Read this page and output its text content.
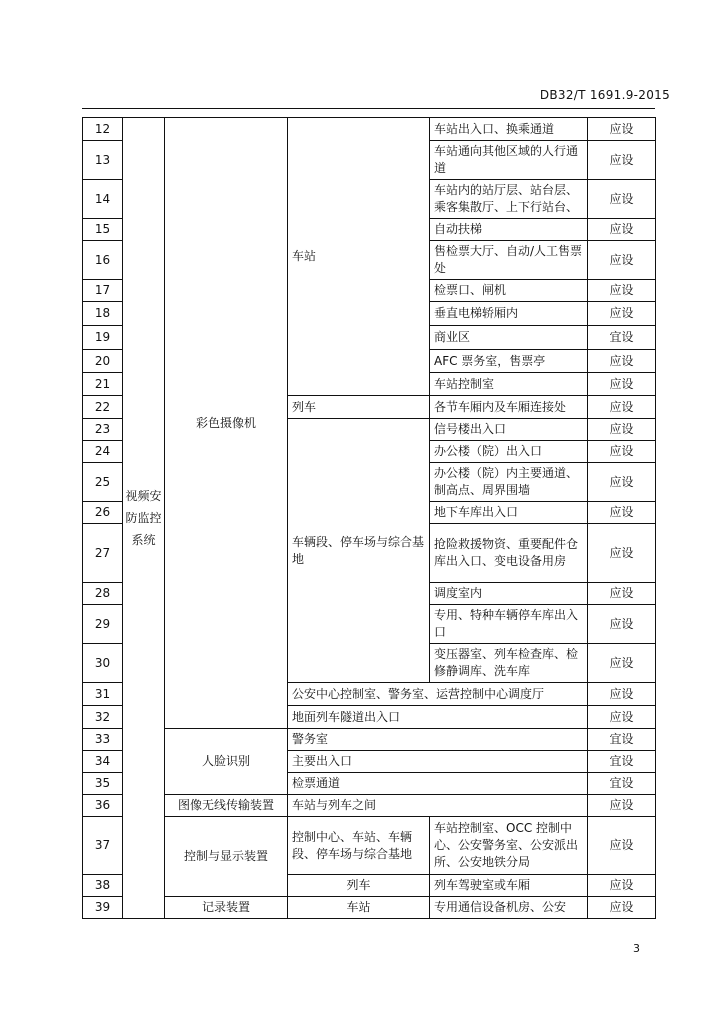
DB32/T 1691.9-2015
12	视频安防监控系统	彩色摄像机	车站	车站出入口、换乘通道	应设
13				车站通向其他区域的人行通道	应设
14				车站内的站厅层、站台层、乘客集散厅、上下行站台、	应设
15				自动扶梯	应设
16				售检票大厅、自动/人工售票处	应设
17				检票口、闸机	应设
18				垂直电梯轿厢内	应设
19				商业区	宜设
20				AFC 票务室，售票亭	应设
21				车站控制室	应设
22			列车	各节车厢内及车厢连接处	应设
23			车辆段、停车场与综合基地	信号楼出入口	应设
24				办公楼（院）出入口	应设
25				办公楼（院）内主要通道、制高点、周界围墙	应设
26				地下车库出入口	应设
27				抢险救援物资、重要配件仓库出入口、变电设备用房	应设
28				调度室内	应设
29				专用、特种车辆停车库出入口	应设
30				变压器室、列车检查库、检修静调库、洗车库	应设
31			公安中心控制室、警务室、运营控制中心调度厅		应设
32			地面列车隧道出入口		应设
33		人脸识别	警务室		宜设
34			主要出入口		宜设
35			检票通道		宜设
36		图像无线传输装置	车站与列车之间		应设
37		控制与显示装置	控制中心、车站、车辆段、停车场与综合基地	车站控制室、OCC 控制中心、公安警务室、公安派出所、公安地铁分局	应设
38			列车	列车驾驶室或车厢	应设
39		记录装置	车站	专用通信设备机房、公安	应设
3
